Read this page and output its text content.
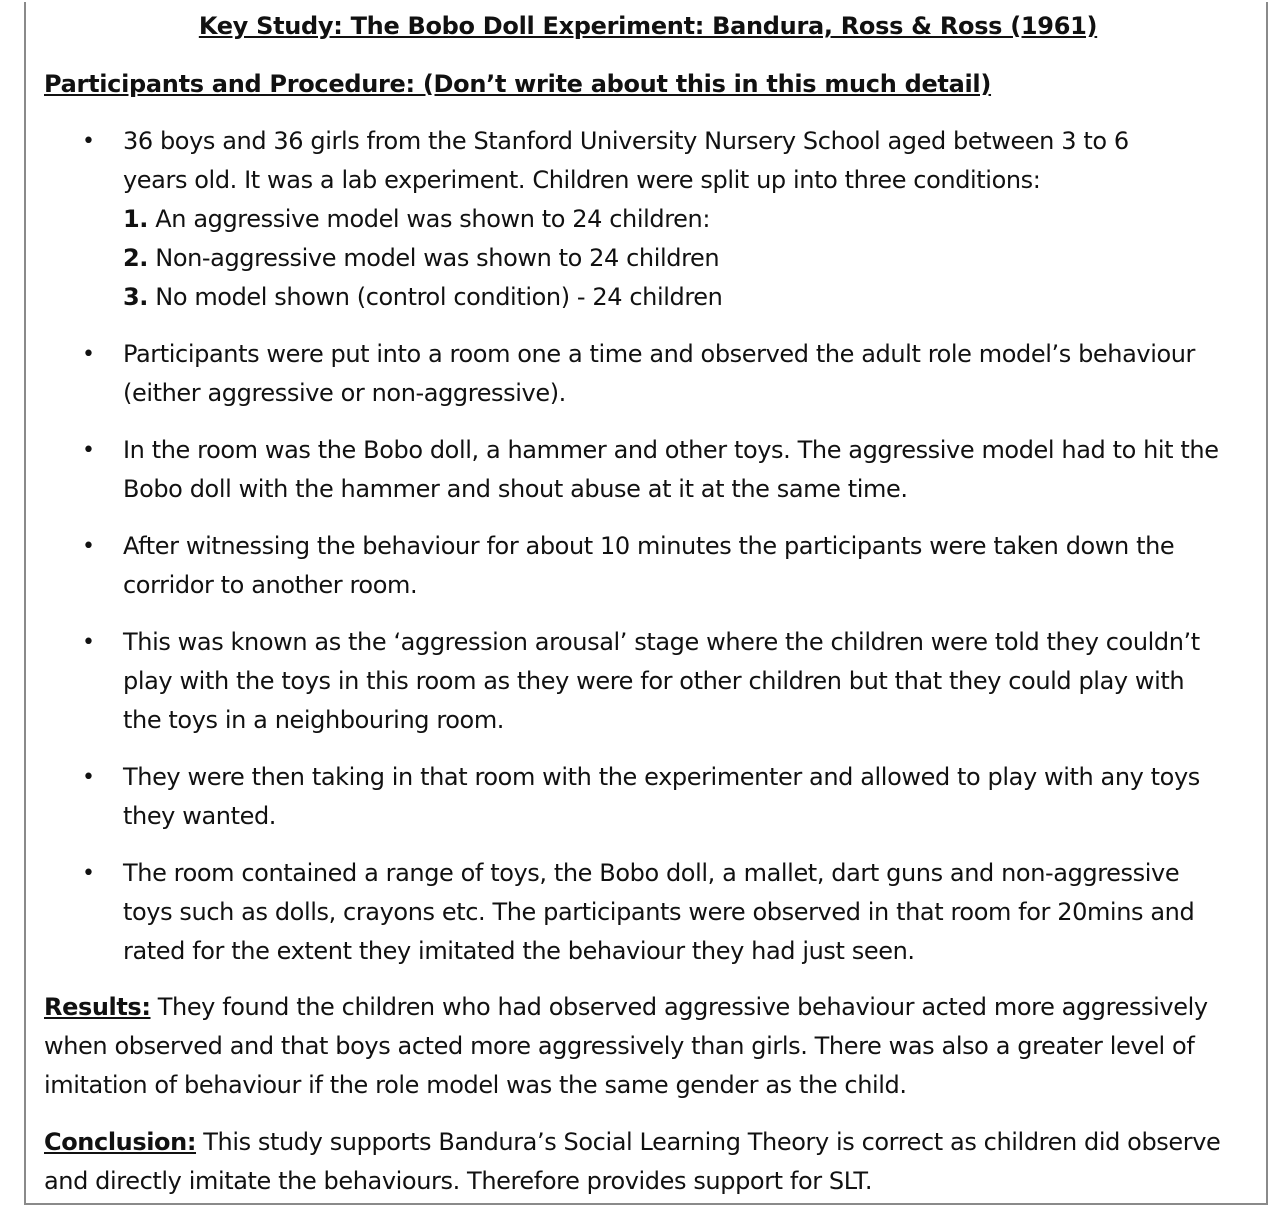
Key Study: The Bobo Doll Experiment: Bandura, Ross & Ross (1961)
Participants and Procedure: (Don’t write about this in this much detail)
• 36 boys and 36 girls from the Stanford University Nursery School aged between 3 to 6
years old. It was a lab experiment. Children were split up into three conditions:
1. An aggressive model was shown to 24 children:
2. Non-aggressive model was shown to 24 children
3. No model shown (control condition) - 24 children
• Participants were put into a room one a time and observed the adult role model’s behaviour
(either aggressive or non-aggressive).
• In the room was the Bobo doll, a hammer and other toys. The aggressive model had to hit the
Bobo doll with the hammer and shout abuse at it at the same time.
• After witnessing the behaviour for about 10 minutes the participants were taken down the
corridor to another room.
• This was known as the ‘aggression arousal’ stage where the children were told they couldn’t
play with the toys in this room as they were for other children but that they could play with
the toys in a neighbouring room.
• They were then taking in that room with the experimenter and allowed to play with any toys
they wanted.
• The room contained a range of toys, the Bobo doll, a mallet, dart guns and non-aggressive
toys such as dolls, crayons etc. The participants were observed in that room for 20mins and
rated for the extent they imitated the behaviour they had just seen.
Results: They found the children who had observed aggressive behaviour acted more aggressively
when observed and that boys acted more aggressively than girls. There was also a greater level of
imitation of behaviour if the role model was the same gender as the child.
Conclusion: This study supports Bandura’s Social Learning Theory is correct as children did observe
and directly imitate the behaviours. Therefore provides support for SLT.
